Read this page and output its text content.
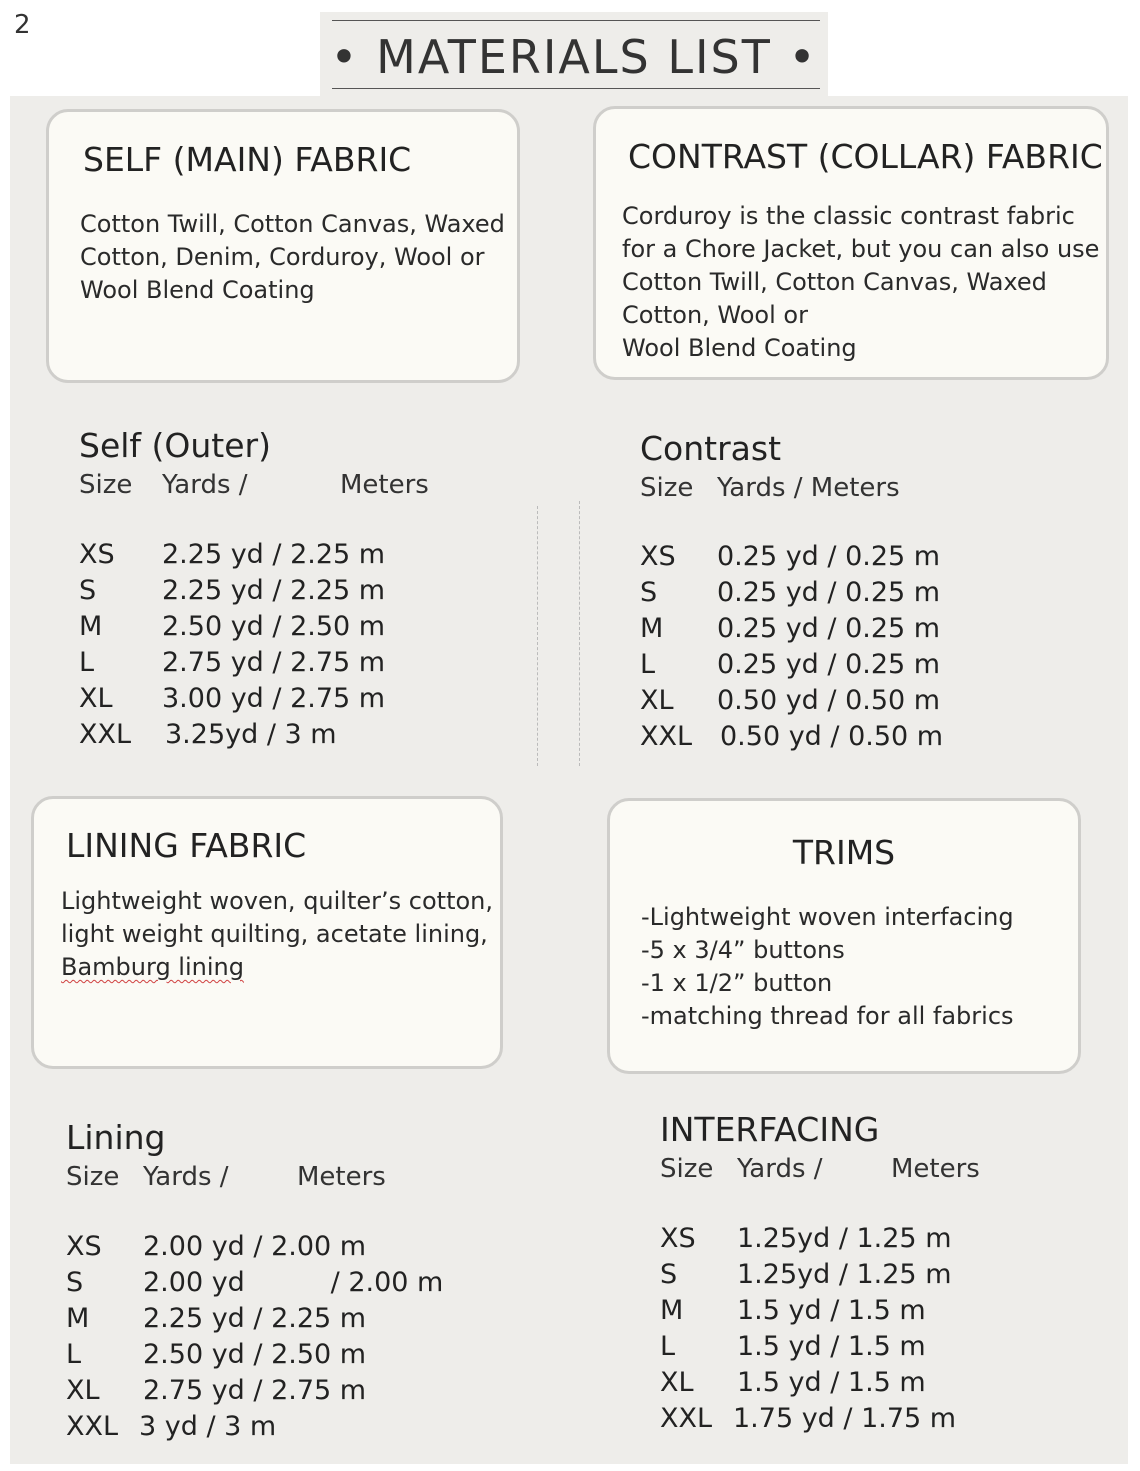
2
• MATERIALS LIST •
SELF (MAIN) FABRIC
Cotton Twill, Cotton Canvas, Waxed
Cotton, Denim, Corduroy, Wool or
Wool Blend Coating
CONTRAST (COLLAR) FABRIC
Corduroy is the classic contrast fabric
for a Chore Jacket, but you can also use
Cotton Twill, Cotton Canvas, Waxed
Cotton, Wool or
Wool Blend Coating
Self (Outer)
Size Yards /	Meters
XS 2.25 yd / 2.25 m
S 2.25 yd / 2.25 m
M 2.50 yd / 2.50 m
L	2.75 yd / 2.75 m
XL 3.00 yd / 2.75 m
XXL 3.25yd / 3 m
Contrast
Size Yards / Meters
XS 0.25 yd / 0.25 m
S 0.25 yd / 0.25 m
M 0.25 yd / 0.25 m
L 0.25 yd / 0.25 m
XL 0.50 yd / 0.50 m
XXL 0.50 yd / 0.50 m
LINING FABRIC
Lightweight woven, quilter’s cotton,
light weight quilting, acetate lining,
Bamburg lining
TRIMS
-Lightweight woven interfacing
-5 x 3/4” buttons
-1 x 1/2” button
-matching thread for all fabrics
Lining
Size Yards /	Meters
XS 2.00 yd / 2.00 m
S 2.00 yd          / 2.00 m
M 2.25 yd / 2.25 m
L 2.50 yd / 2.50 m
XL 2.75 yd / 2.75 m
XXL 3 yd / 3 m
INTERFACING
Size Yards /	Meters
XS 1.25yd / 1.25 m
S 1.25yd / 1.25 m
M 1.5 yd / 1.5 m
L 1.5 yd / 1.5 m
XL 1.5 yd / 1.5 m
XXL 1.75 yd / 1.75 m
